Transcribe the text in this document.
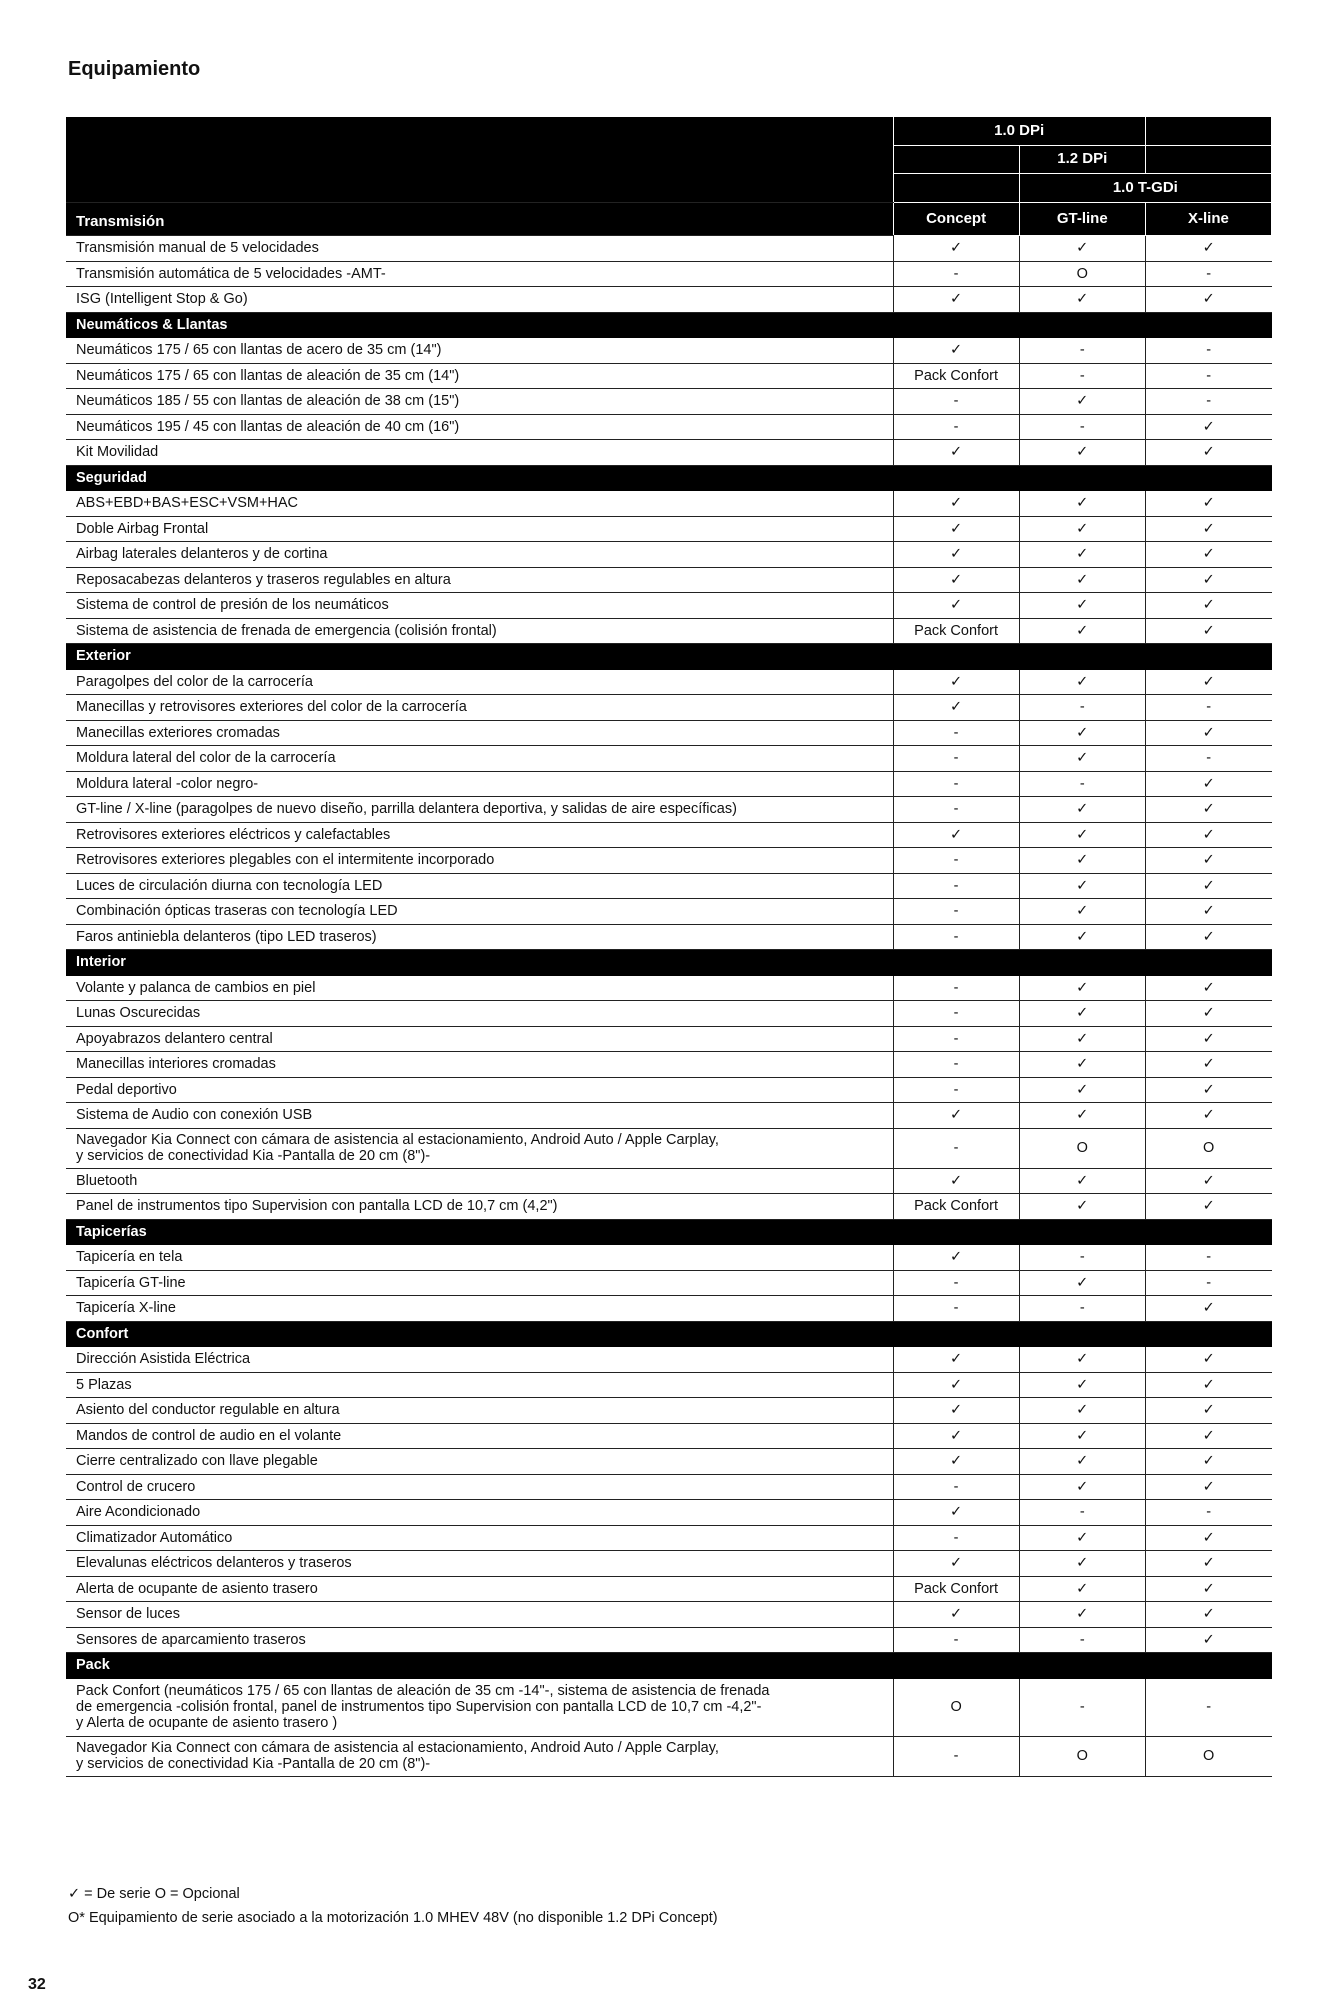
Equipamiento
	1.0 DPi		
		1.2 DPi	
		1.0 T-GDi	
Transmisión	Concept	GT-line	X-line
Transmisión manual de 5 velocidades	✓	✓	✓
Transmisión automática de 5 velocidades -AMT-	-	O	-
ISG (Intelligent Stop & Go)	✓	✓	✓
Neumáticos & Llantas			
Neumáticos 175 / 65 con llantas de acero de 35 cm (14")	✓	-	-
Neumáticos 175 / 65 con llantas de aleación de 35 cm (14")	Pack Confort	-	-
Neumáticos 185 / 55 con llantas de aleación de 38 cm (15")	-	✓	-
Neumáticos 195 / 45 con llantas de aleación de 40 cm (16")	-	-	✓
Kit Movilidad	✓	✓	✓
Seguridad			
ABS+EBD+BAS+ESC+VSM+HAC	✓	✓	✓
Doble Airbag Frontal	✓	✓	✓
Airbag laterales delanteros y de cortina	✓	✓	✓
Reposacabezas delanteros y traseros regulables en altura	✓	✓	✓
Sistema de control de presión de los neumáticos	✓	✓	✓
Sistema de asistencia de frenada de emergencia (colisión frontal)	Pack Confort	✓	✓
Exterior			
Paragolpes del color de la carrocería	✓	✓	✓
Manecillas y retrovisores exteriores del color de la carrocería	✓	-	-
Manecillas exteriores cromadas	-	✓	✓
Moldura lateral del color de la carrocería	-	✓	-
Moldura lateral -color negro-	-	-	✓
GT-line / X-line (paragolpes de nuevo diseño, parrilla delantera deportiva, y salidas de aire específicas)	-	✓	✓
Retrovisores exteriores eléctricos y calefactables	✓	✓	✓
Retrovisores exteriores plegables con el intermitente incorporado	-	✓	✓
Luces de circulación diurna con tecnología LED	-	✓	✓
Combinación ópticas traseras con tecnología LED	-	✓	✓
Faros antiniebla delanteros (tipo LED traseros)	-	✓	✓
Interior			
Volante y palanca de cambios en piel	-	✓	✓
Lunas Oscurecidas	-	✓	✓
Apoyabrazos delantero central	-	✓	✓
Manecillas interiores cromadas	-	✓	✓
Pedal deportivo	-	✓	✓
Sistema de Audio con conexión USB	✓	✓	✓
Navegador Kia Connect con cámara de asistencia al estacionamiento, Android Auto / Apple Carplay,
y servicios de conectividad Kia -Pantalla de 20 cm (8")-	-	O	O
Bluetooth	✓	✓	✓
Panel de instrumentos tipo Supervision con pantalla LCD de 10,7 cm (4,2")	Pack Confort	✓	✓
Tapicerías			
Tapicería en tela	✓	-	-
Tapicería GT-line	-	✓	-
Tapicería X-line	-	-	✓
Confort			
Dirección Asistida Eléctrica	✓	✓	✓
5 Plazas	✓	✓	✓
Asiento del conductor regulable en altura	✓	✓	✓
Mandos de control de audio en el volante	✓	✓	✓
Cierre centralizado con llave plegable	✓	✓	✓
Control de crucero	-	✓	✓
Aire Acondicionado	✓	-	-
Climatizador Automático	-	✓	✓
Elevalunas eléctricos delanteros y traseros	✓	✓	✓
Alerta de ocupante de asiento trasero	Pack Confort	✓	✓
Sensor de luces	✓	✓	✓
Sensores de aparcamiento traseros	-	-	✓
Pack			
Pack Confort (neumáticos 175 / 65 con llantas de aleación de 35 cm -14"-, sistema de asistencia de frenada
de emergencia -colisión frontal, panel de instrumentos tipo Supervision con pantalla LCD de 10,7 cm -4,2"-
y Alerta de ocupante de asiento trasero )	O	-	-
Navegador Kia Connect con cámara de asistencia al estacionamiento, Android Auto / Apple Carplay,
y servicios de conectividad Kia -Pantalla de 20 cm (8")-	-	O	O
✓ = De serie O = Opcional
O* Equipamiento de serie asociado a la motorización 1.0 MHEV 48V (no disponible 1.2 DPi Concept)
32
